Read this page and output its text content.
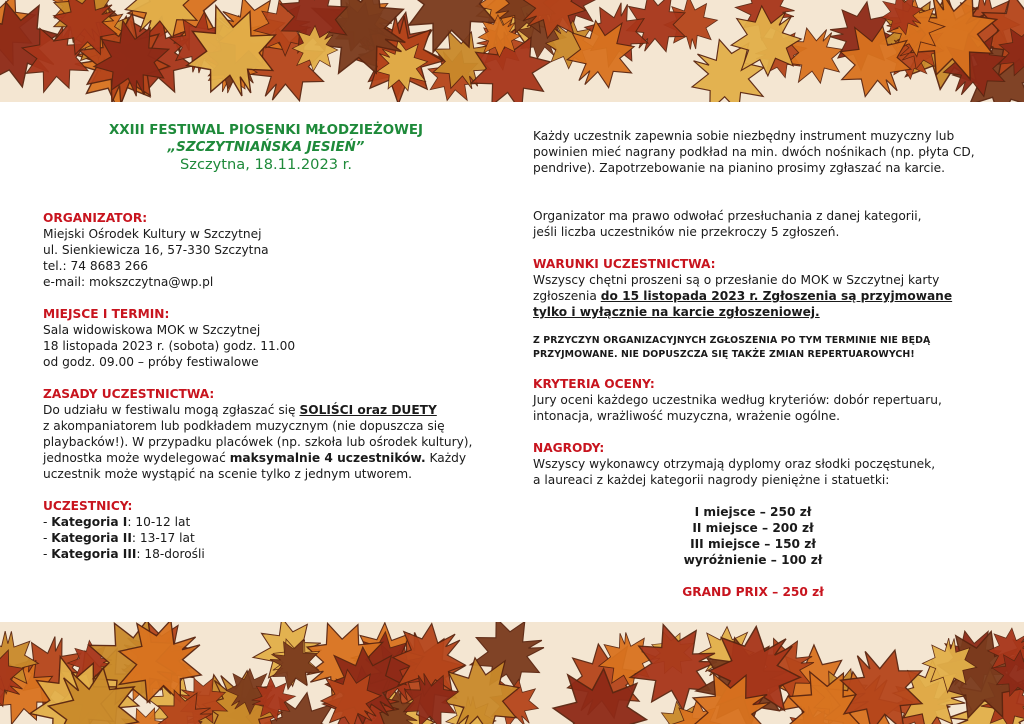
XXIII FESTIWAL PIOSENKI MŁODZIEŻOWEJ
„SZCZYTNIAŃSKA JESIEŃ”
Szczytna, 18.11.2023 r.
ORGANIZATOR:
Miejski Ośrodek Kultury w Szczytnej
ul. Sienkiewicza 16, 57-330 Szczytna
tel.: 74 8683 266
e-mail: mokszczytna@wp.pl
MIEJSCE I TERMIN:
Sala widowiskowa MOK w Szczytnej
18 listopada 2023 r. (sobota) godz. 11.00
od godz. 09.00 – próby festiwalowe
ZASADY UCZESTNICTWA:
Do udziału w festiwalu mogą zgłaszać się SOLIŚCI oraz DUETY
z akompaniatorem lub podkładem muzycznym (nie dopuszcza się
playbacków!). W przypadku placówek (np. szkoła lub ośrodek kultury),
jednostka może wydelegować maksymalnie 4 uczestników. Każdy
uczestnik może wystąpić na scenie tylko z jednym utworem.
UCZESTNICY:
- Kategoria I: 10-12 lat
- Kategoria II: 13-17 lat
- Kategoria III: 18-dorośli
Każdy uczestnik zapewnia sobie niezbędny instrument muzyczny lub
powinien mieć nagrany podkład na min. dwóch nośnikach (np. płyta CD,
pendrive). Zapotrzebowanie na pianino prosimy zgłaszać na karcie.
Organizator ma prawo odwołać przesłuchania z danej kategorii,
jeśli liczba uczestników nie przekroczy 5 zgłoszeń.
WARUNKI UCZESTNICTWA:
Wszyscy chętni proszeni są o przesłanie do MOK w Szczytnej karty
zgłoszenia do 15 listopada 2023 r. Zgłoszenia są przyjmowane
tylko i wyłącznie na karcie zgłoszeniowej.
Z PRZYCZYN ORGANIZACYJNYCH ZGŁOSZENIA PO TYM TERMINIE NIE BĘDĄ
PRZYJMOWANE. NIE DOPUSZCZA SIĘ TAKŻE ZMIAN REPERTUAROWYCH!
KRYTERIA OCENY:
Jury oceni każdego uczestnika według kryteriów: dobór repertuaru,
intonacja, wrażliwość muzyczna, wrażenie ogólne.
NAGRODY:
Wszyscy wykonawcy otrzymają dyplomy oraz słodki poczęstunek,
a laureaci z każdej kategorii nagrody pieniężne i statuetki:
I miejsce – 250 zł
II miejsce – 200 zł
III miejsce – 150 zł
wyróżnienie – 100 zł
GRAND PRIX – 250 zł
